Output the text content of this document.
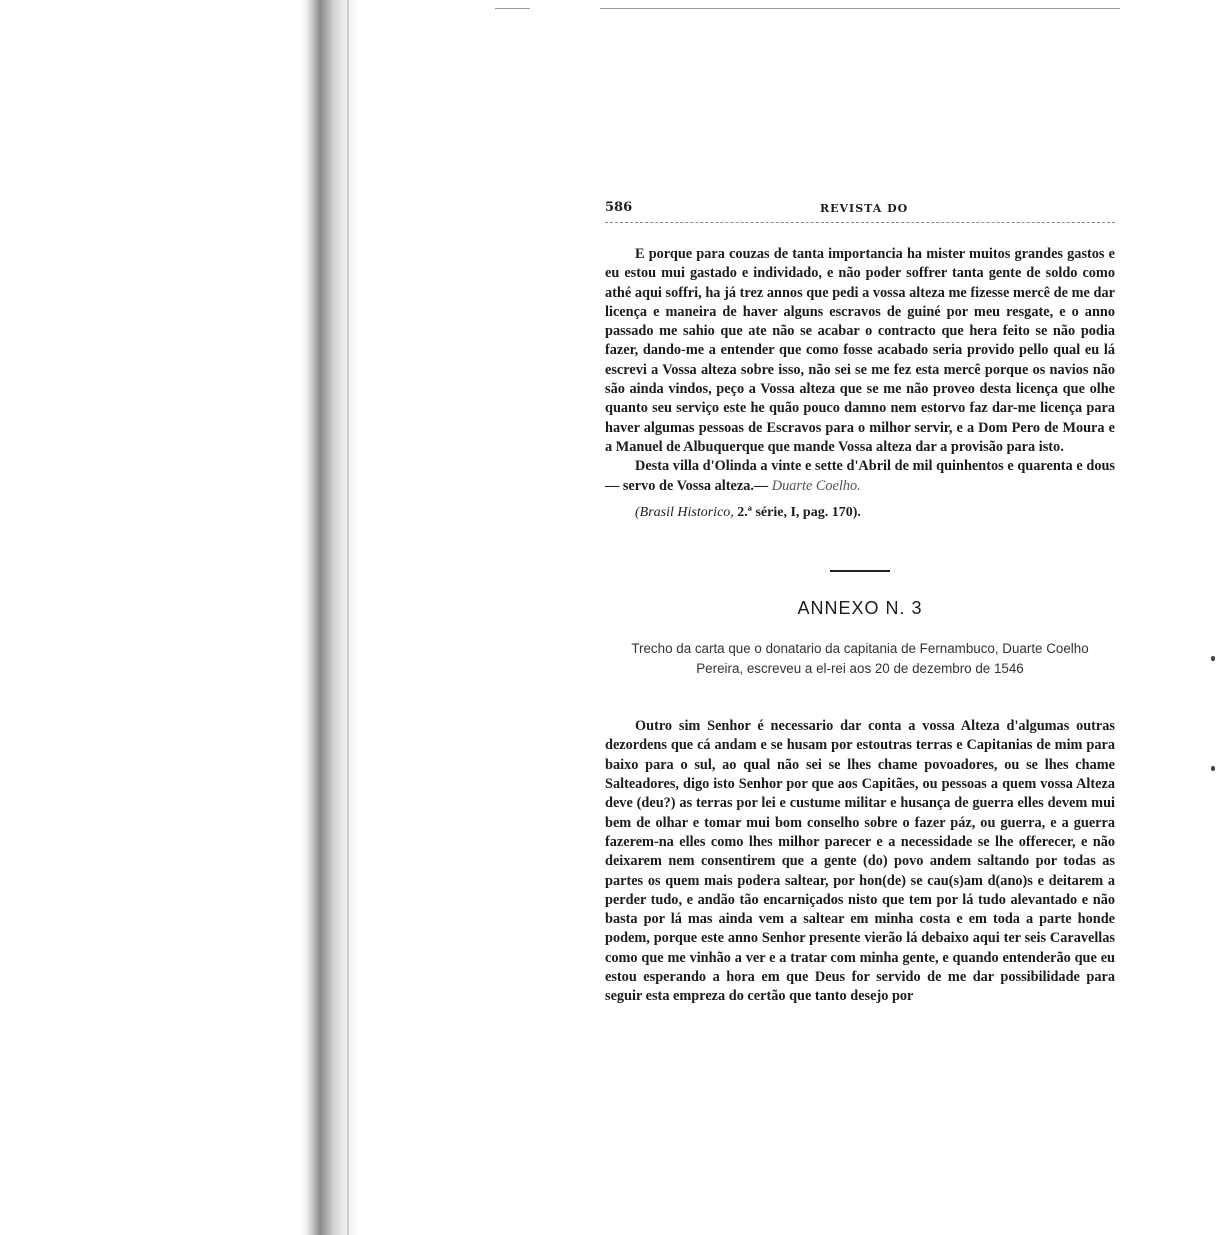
586	REVISTA DO

E porque para couzas de tanta importancia ha mister muitos grandes gastos e eu estou mui gastado e individado, e não poder soffrer tanta gente de soldo como athé aqui soffri, ha já trez annos que pedi a vossa alteza me fizesse mercê de me dar licença e maneira de haver alguns escravos de guiné por meu resgate, e o anno passado me sahio que ate não se acabar o contracto que hera feito se não podia fazer, dando-me a entender que como fosse acabado seria provido pello qual eu lá escrevi a Vossa alteza sobre isso, não sei se me fez esta mercê porque os navios não são ainda vindos, peço a Vossa alteza que se me não proveo desta licença que olhe quanto seu serviço este he quão pouco damno nem estorvo faz dar-me licença para haver algumas pessoas de Escravos para o milhor servir, e a Dom Pero de Moura e a Manuel de Albuquerque que mande Vossa alteza dar a provisão para isto.

Desta villa d'Olinda a vinte e sette d'Abril de mil quinhentos e quarenta e dous — servo de Vossa alteza.— Duarte Coelho.

(Brasil Historico, 2.ª série, I, pag. 170).

ANNEXO N. 3
Trecho da carta que o donatario da capitania de Fernambuco, Duarte Coelho
Pereira, escreveu a el-rei aos 20 de dezembro de 1546

Outro sim Senhor é necessario dar conta a vossa Alteza d'algumas outras dezordens que cá andam e se husam por estoutras terras e Capitanias de mim para baixo para o sul, ao qual não sei se lhes chame povoadores, ou se lhes chame Salteadores, digo isto Senhor por que aos Capitães, ou pessoas a quem vossa Alteza deve (deu?) as terras por lei e custume militar e husança de guerra elles devem mui bem de olhar e tomar mui bom conselho sobre o fazer páz, ou guerra, e a guerra fazerem-na elles como lhes milhor parecer e a necessidade se lhe offerecer, e não deixarem nem consentirem que a gente (do) povo andem saltando por todas as partes os quem mais podera saltear, por hon(de) se cau(s)am d(ano)s e deitarem a perder tudo, e andão tão encarniçados nisto que tem por lá tudo alevantado e não basta por lá mas ainda vem a saltear em minha costa e em toda a parte honde podem, porque este anno Senhor presente vierão lá debaixo aqui ter seis Caravellas como que me vinhão a ver e a tratar com minha gente, e quando entenderão que eu estou esperando a hora em que Deus for servido de me dar possibilidade para seguir esta empreza do certão que tanto desejo por
